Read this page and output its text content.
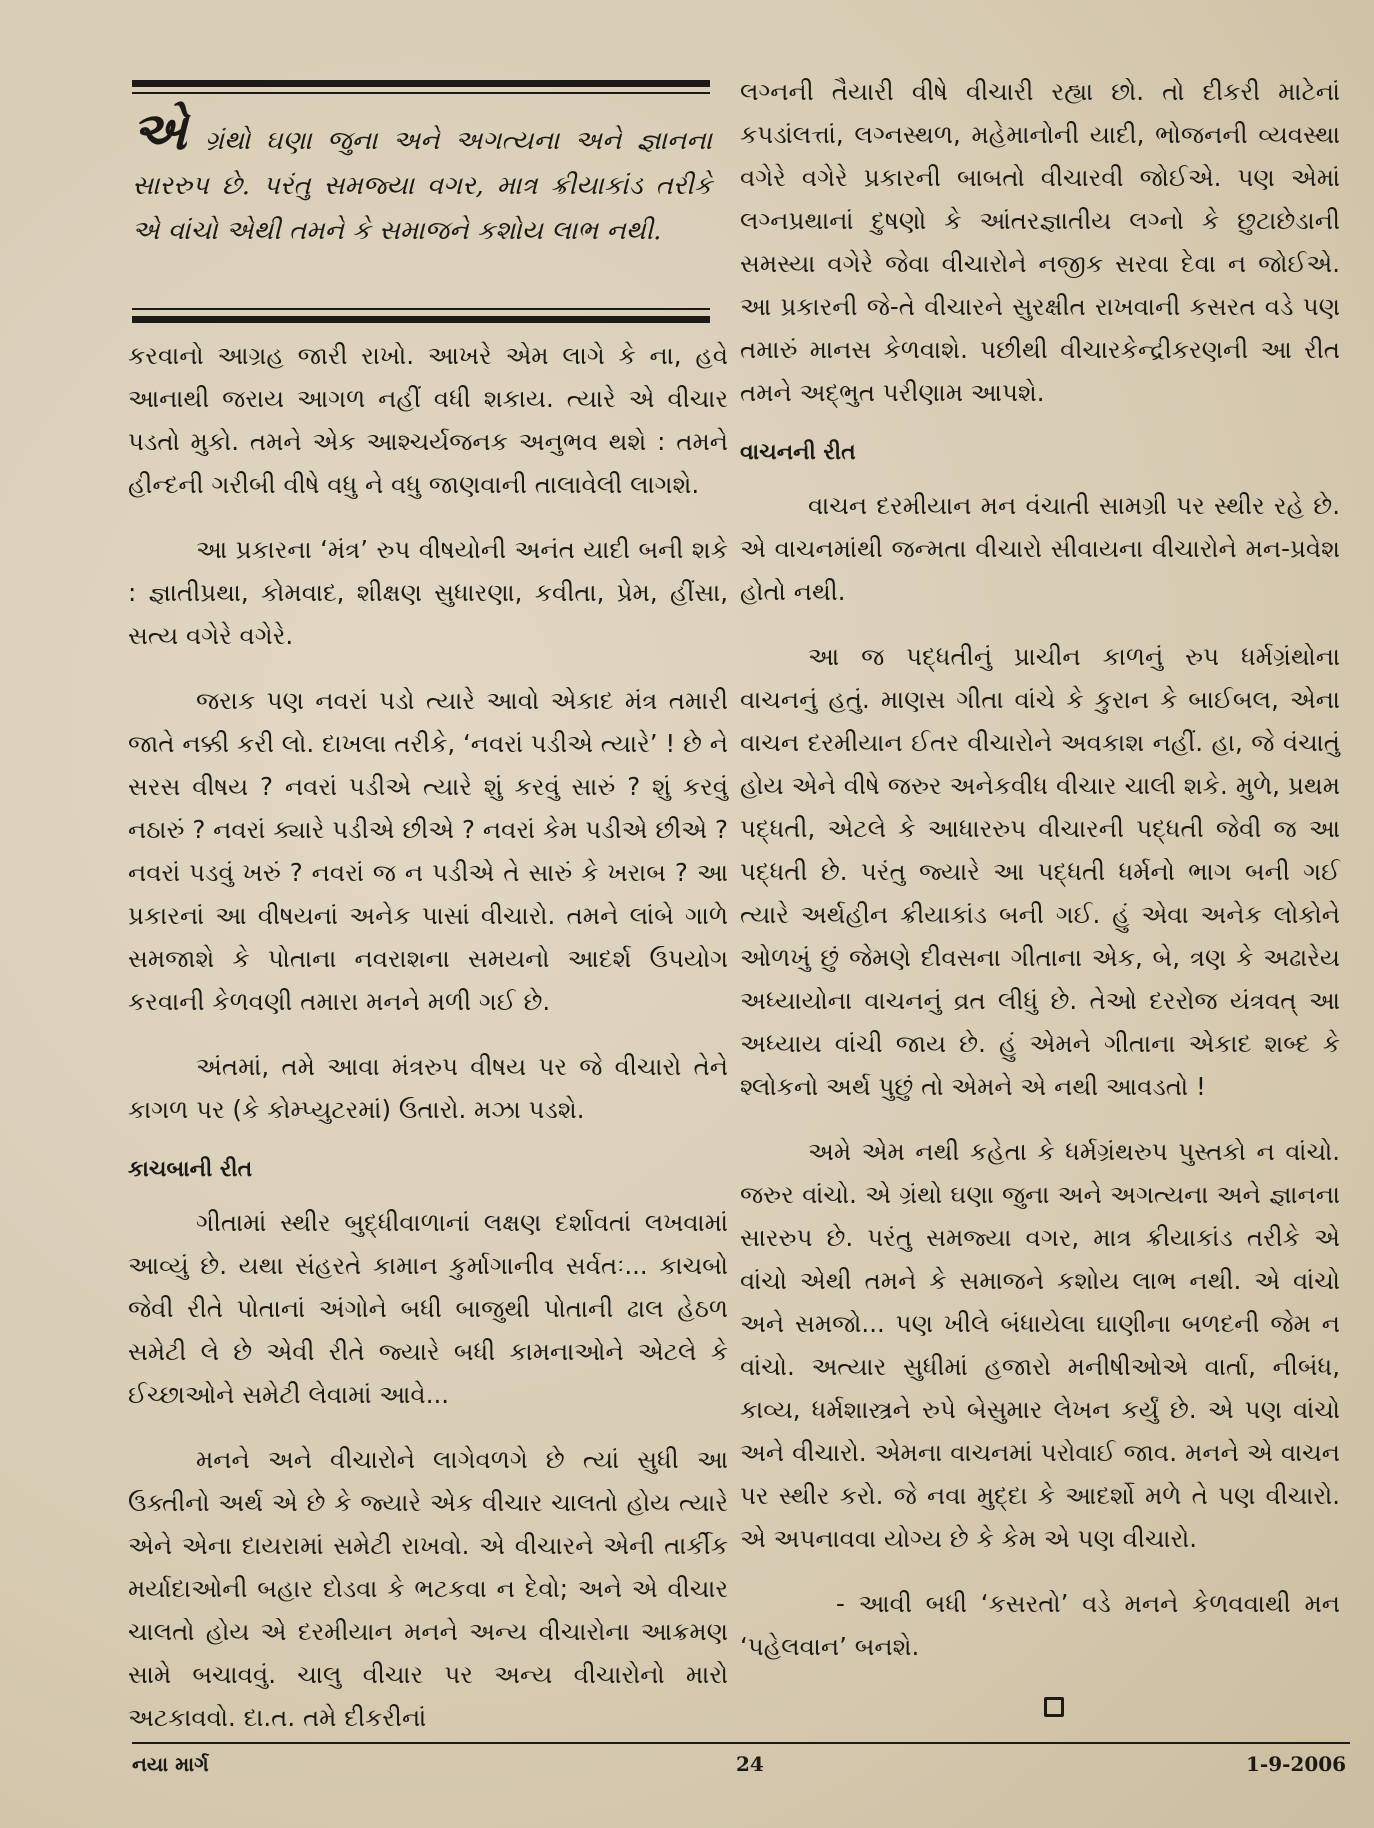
એગ્રંથો ઘણા જુના અને અગત્યના અને જ્ઞાનના સારરુપ છે. પરંતુ સમજ્યા વગર, માત્ર ક્રીયાકાંડ તરીકે એ વાંચો એથી તમને કે સમાજને કશોય લાભ નથી.

કરવાનો આગ્રહ જારી રાખો. આખરે એમ લાગે કે ના, હવે આનાથી જરાય આગળ નહીં વધી શકાય. ત્યારે એ વીચાર પડતો મુકો. તમને એક આશ્ચર્યજનક અનુભવ થશે : તમને હીન્દની ગરીબી વીષે વધુ ને વધુ જાણવાની તાલાવેલી લાગશે.

આ પ્રકારના ‘મંત્ર’ રુપ વીષયોની અનંત યાદી બની શકે : જ્ઞાતીપ્રથા, કોમવાદ, શીક્ષણ સુધારણા, કવીતા, પ્રેમ, હીંસા, સત્ય વગેરે વગેરે.

જરાક પણ નવરાં પડો ત્યારે આવો એકાદ મંત્ર તમારી જાતે નક્કી કરી લો. દાખલા તરીકે, ‘નવરાં પડીએ ત્યારે’ ! છે ને સરસ વીષય ? નવરાં પડીએ ત્યારે શું કરવું સારું ? શું કરવું નઠારું ? નવરાં ક્યારે પડીએ છીએ ? નવરાં કેમ પડીએ છીએ ? નવરાં પડવું ખરું ? નવરાં જ ન પડીએ તે સારું કે ખરાબ ? આ પ્રકારનાં આ વીષયનાં અનેક પાસાં વીચારો. તમને લાંબે ગાળે સમજાશે કે પોતાના નવરાશના સમયનો આદર્શ ઉપયોગ કરવાની કેળવણી તમારા મનને મળી ગઈ છે.

અંતમાં, તમે આવા મંત્રરુપ વીષય પર જે વીચારો તેને કાગળ પર (કે કોમ્પ્યુટરમાં) ઉતારો. મઝા પડશે.

કાચબાની રીત

ગીતામાં સ્થીર બુદ્ધીવાળાનાં લક્ષણ દર્શાવતાં લખવામાં આવ્યું છે. યથા સંહરતે કામાન કુર્માગાનીવ સર્વતઃ... કાચબો જેવી રીતે પોતાનાં અંગોને બધી બાજુથી પોતાની ઢાલ હેઠળ સમેટી લે છે એવી રીતે જ્યારે બધી કામનાઓને એટલે કે ઈચ્છાઓને સમેટી લેવામાં આવે...

મનને અને વીચારોને લાગેવળગે છે ત્યાં સુધી આ ઉક્તીનો અર્થ એ છે કે જ્યારે એક વીચાર ચાલતો હોય ત્યારે એને એના દાયરામાં સમેટી રાખવો. એ વીચારને એની તાર્કીક મર્યાદાઓની બહાર દોડવા કે ભટકવા ન દેવો; અને એ વીચાર ચાલતો હોય એ દરમીયાન મનને અન્ય વીચારોના આક્રમણ સામે બચાવવું. ચાલુ વીચાર પર અન્ય વીચારોનો મારો અટકાવવો. દા.ત. તમે દીકરીનાં

લગ્નની તૈયારી વીષે વીચારી રહ્યા છો. તો દીકરી માટેનાં કપડાંલત્તાં, લગ્નસ્થળ, મહેમાનોની યાદી, ભોજનની વ્યવસ્થા વગેરે વગેરે પ્રકારની બાબતો વીચારવી જોઈએ. પણ એમાં લગ્નપ્રથાનાં દુષણો કે આંતરજ્ઞાતીય લગ્નો કે છુટાછેડાની સમસ્યા વગેરે જેવા વીચારોને નજીક સરવા દેવા ન જોઈએ. આ પ્રકારની જે-તે વીચારને સુરક્ષીત રાખવાની કસરત વડે પણ તમારું માનસ કેળવાશે. પછીથી વીચારકેન્દ્રીકરણની આ રીત તમને અદ્ભુત પરીણામ આપશે.

વાચનની રીત

વાચન દરમીયાન મન વંચાતી સામગ્રી પર સ્થીર રહે છે. એ વાચનમાંથી જન્મતા વીચારો સીવાયના વીચારોને મન-પ્રવેશ હોતો નથી.

આ જ પદ્ધતીનું પ્રાચીન કાળનું રુપ ધર્મગ્રંથોના વાચનનું હતું. માણસ ગીતા વાંચે કે કુરાન કે બાઈબલ, એના વાચન દરમીયાન ઈતર વીચારોને અવકાશ નહીં. હા, જે વંચાતું હોય એને વીષે જરુર અનેકવીધ વીચાર ચાલી શકે. મુળે, પ્રથમ પદ્ધતી, એટલે કે આધારરુપ વીચારની પદ્ધતી જેવી જ આ પદ્ધતી છે. પરંતુ જ્યારે આ પદ્ધતી ધર્મનો ભાગ બની ગઈ ત્યારે અર્થહીન ક્રીયાકાંડ બની ગઈ. હું એવા અનેક લોકોને ઓળખું છું જેમણે દીવસના ગીતાના એક, બે, ત્રણ કે અઢારેય અધ્યાયોના વાચનનું વ્રત લીધું છે. તેઓ દરરોજ યંત્રવત્ આ અધ્યાય વાંચી જાય છે. હું એમને ગીતાના એકાદ શબ્દ કે શ્લોકનો અર્થ પુછું તો એમને એ નથી આવડતો !

અમે એમ નથી કહેતા કે ધર્મગ્રંથરુપ પુસ્તકો ન વાંચો. જરુર વાંચો. એ ગ્રંથો ઘણા જુના અને અગત્યના અને જ્ઞાનના સારરુપ છે. પરંતુ સમજ્યા વગર, માત્ર ક્રીયાકાંડ તરીકે એ વાંચો એથી તમને કે સમાજને કશોય લાભ નથી. એ વાંચો અને સમજો... પણ ખીલે બંધાયેલા ઘાણીના બળદની જેમ ન વાંચો. અત્યાર સુધીમાં હજારો મનીષીઓએ વાર્તા, નીબંધ, કાવ્ય, ધર્મશાસ્ત્રને રુપે બેસુમાર લેખન કર્યું છે. એ પણ વાંચો અને વીચારો. એમના વાચનમાં પરોવાઈ જાવ. મનને એ વાચન પર સ્થીર કરો. જે નવા મુદ્દા કે આદર્શો મળે તે પણ વીચારો. એ અપનાવવા યોગ્ય છે કે કેમ એ પણ વીચારો.

- આવી બધી ‘કસરતો’ વડે મનને કેળવવાથી મન ‘પહેલવાન’ બનશે.

નયા માર્ગ	24	1-9-2006
